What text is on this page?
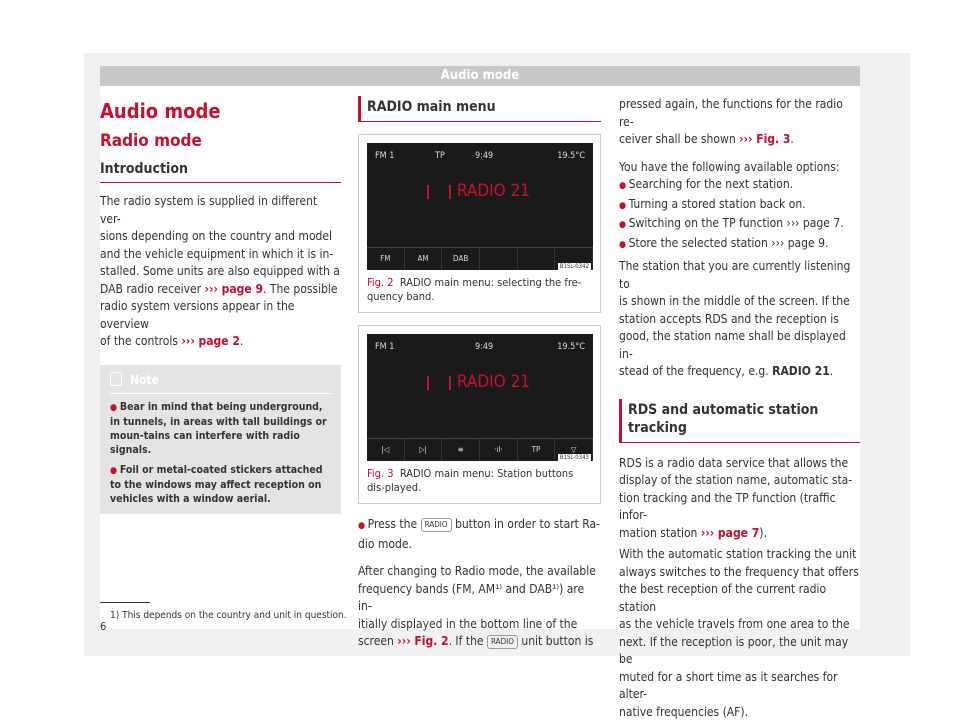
Audio mode
Audio mode
Radio mode
Introduction
The radio system is supplied in different ver-
sions depending on the country and model
and the vehicle equipment in which it is in-
stalled. Some units are also equipped with a
DAB radio receiver ››› page 9. The possible
radio system versions appear in the overview
of the controls ››› page 2.
Note
● Bear in mind that being underground, in tunnels, in areas with tall buildings or moun-tains can interfere with radio signals.
● Foil or metal-coated stickers attached to the windows may affect reception on vehicles with a window aerial.
RADIO main menu
FM 1	TP	9:49	19.5°C
RADIO 21
FM	AM	DAB
B1SL-0342
Fig. 2 RADIO main menu: selecting the fre-quency band.
FM 1	9:49	19.5°C
RADIO 21
|◁	▷|	≡	·ıl·	TP	▽
B1SL-0343
Fig. 3 RADIO main menu: Station buttons dis-played.
● Press the RADIO button in order to start Ra-
dio mode.
After changing to Radio mode, the available
frequency bands (FM, AM¹⁾ and DAB¹⁾) are in-
itially displayed in the bottom line of the
screen ››› Fig. 2. If the RADIO unit button is
pressed again, the functions for the radio re-
ceiver shall be shown ››› Fig. 3.
You have the following available options:
● Searching for the next station.
● Turning a stored station back on.
● Switching on the TP function ››› page 7.
● Store the selected station ››› page 9.
The station that you are currently listening to
is shown in the middle of the screen. If the
station accepts RDS and the reception is
good, the station name shall be displayed in-
stead of the frequency, e.g. RADIO 21.
RDS and automatic station tracking
RDS is a radio data service that allows the
display of the station name, automatic sta-
tion tracking and the TP function (traffic infor-
mation station ››› page 7).
With the automatic station tracking the unit
always switches to the frequency that offers
the best reception of the current radio station
as the vehicle travels from one area to the
next. If the reception is poor, the unit may be
muted for a short time as it searches for alter-
native frequencies (AF).
1) This depends on the country and unit in question.
6
